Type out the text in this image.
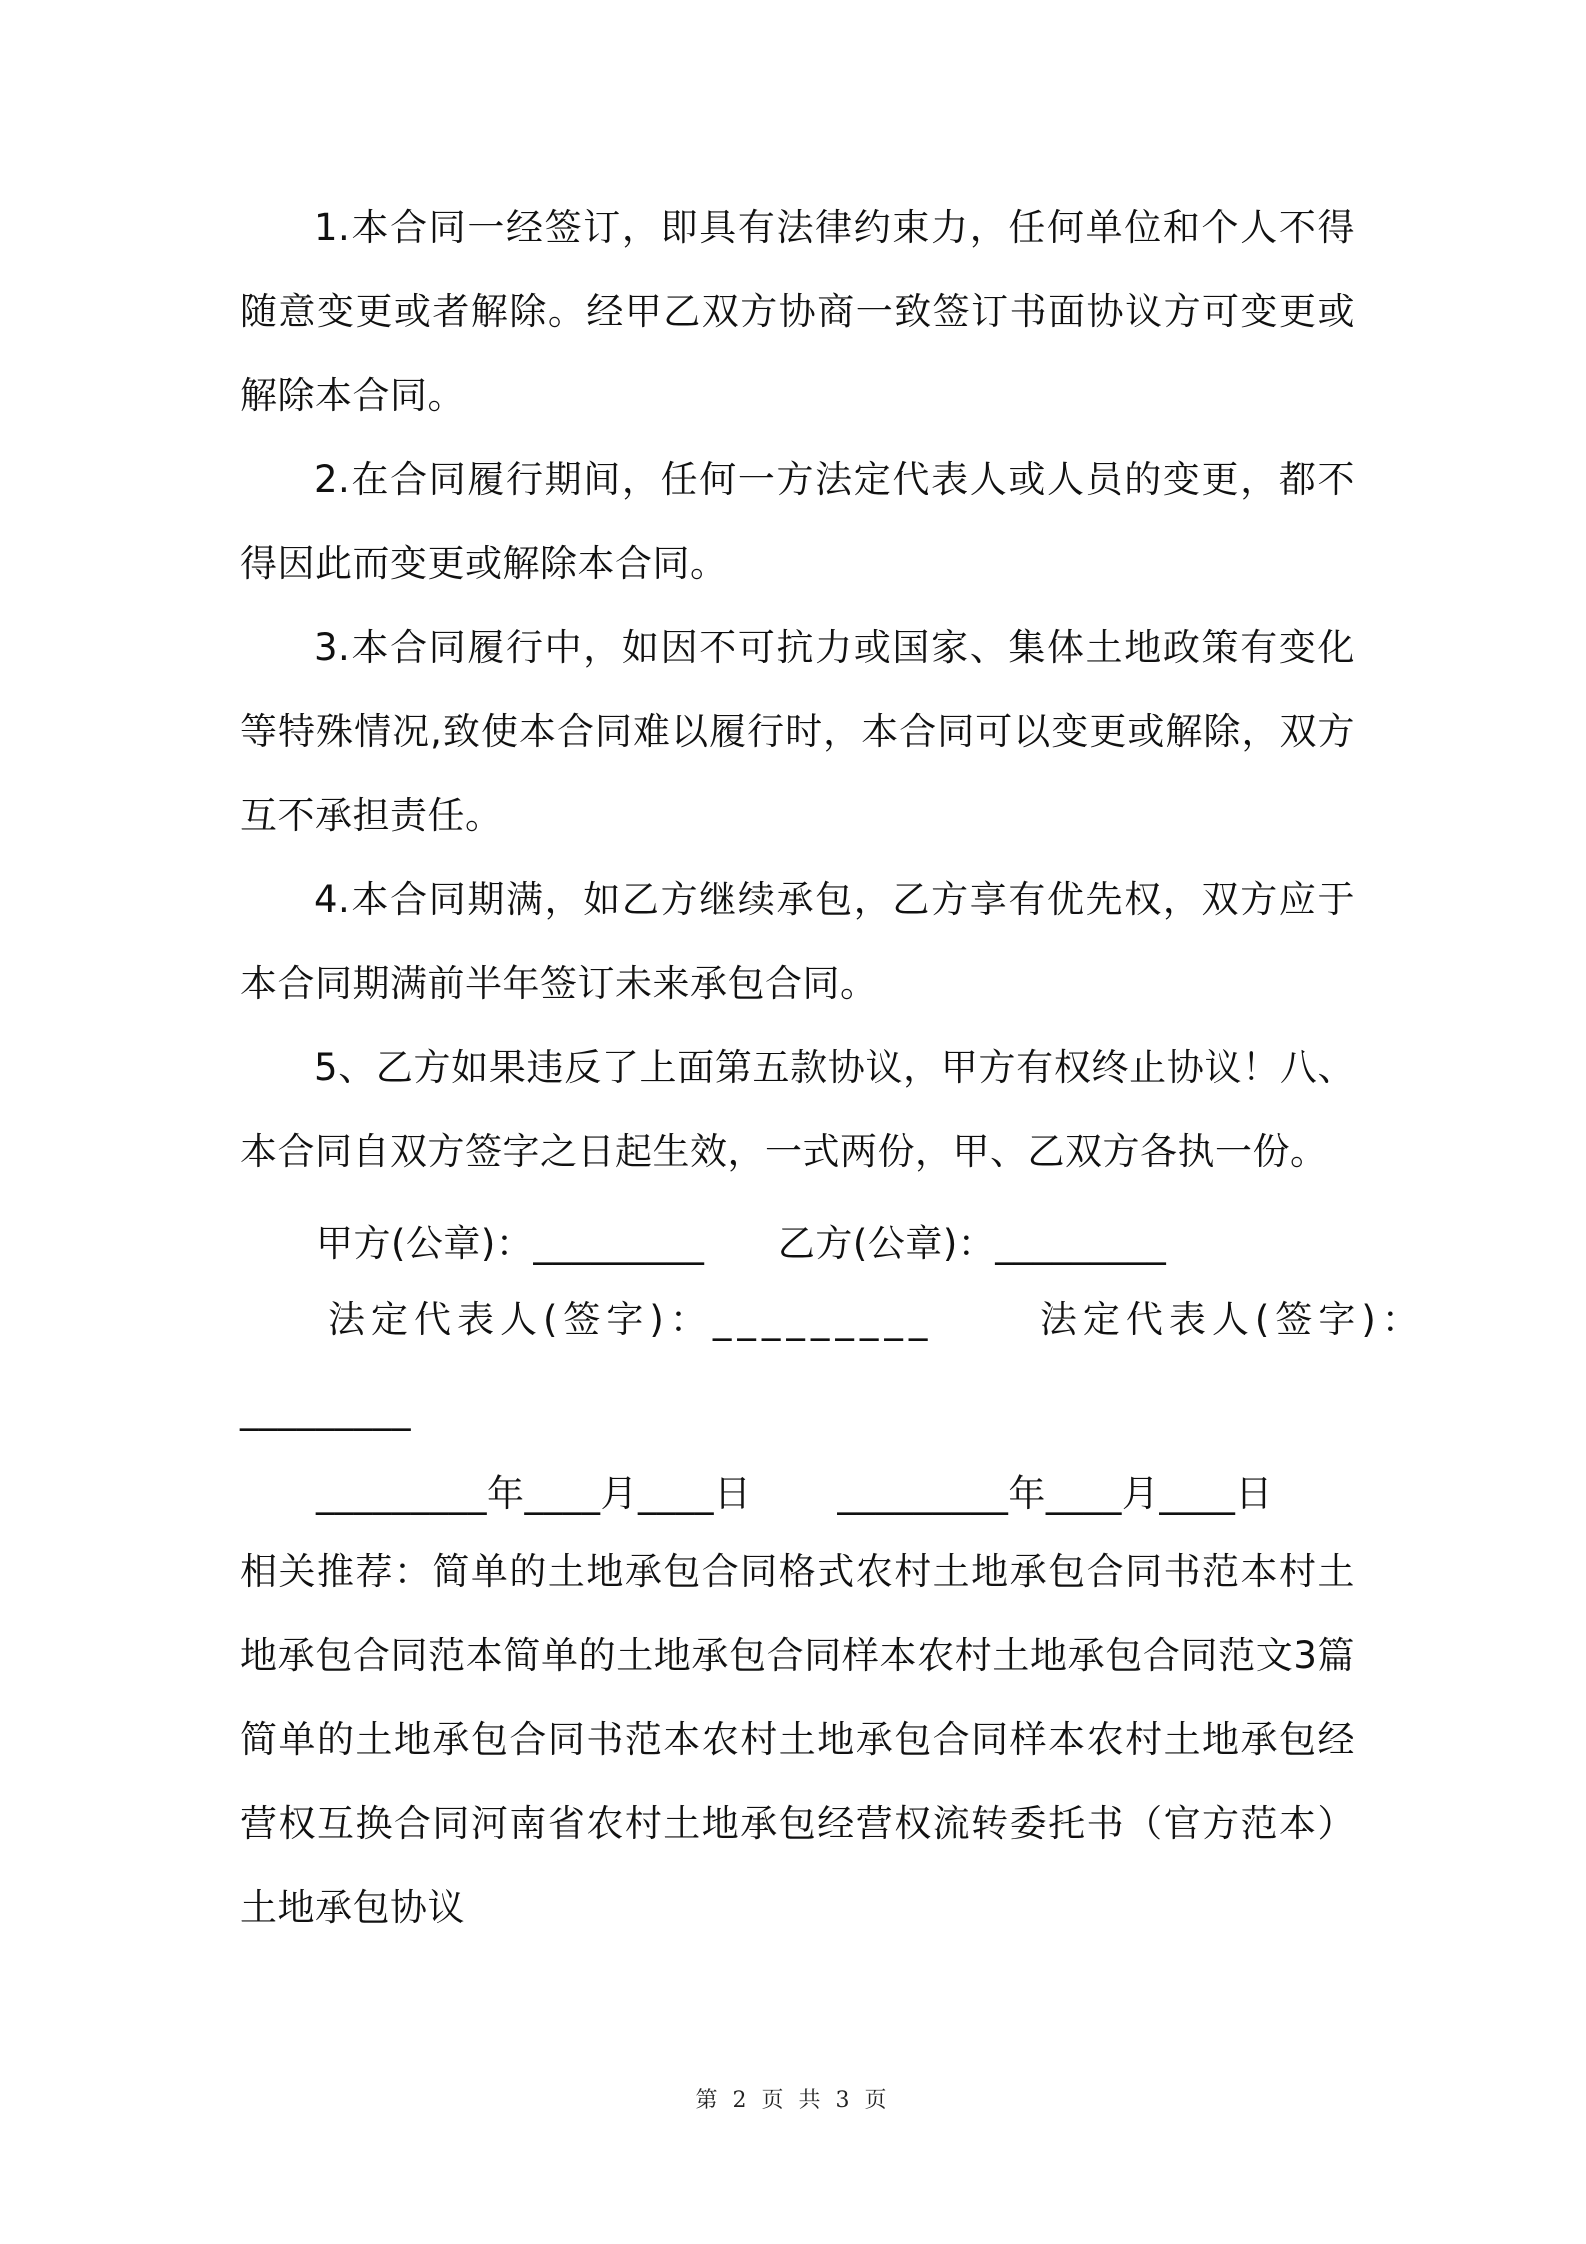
1.本合同一经签订，即具有法律约束力，任何单位和个人不得随意变更或者解除。经甲乙双方协商一致签订书面协议方可变更或解除本合同。

2.在合同履行期间，任何一方法定代表人或人员的变更，都不得因此而变更或解除本合同。

3.本合同履行中，如因不可抗力或国家、集体土地政策有变化等特殊情况,致使本合同难以履行时，本合同可以变更或解除，双方互不承担责任。

4.本合同期满，如乙方继续承包，乙方享有优先权，双方应于本合同期满前半年签订未来承包合同。

5、乙方如果违反了上面第五款协议，甲方有权终止协议！八、本合同自双方签字之日起生效，一式两份，甲、乙双方各执一份。

甲方(公章)：_________      乙方(公章)：_________
法定代表人(签字)：_________      法定代表人(签字)：
_________
_________年____月____日       _________年____月____日

相关推荐：简单的土地承包合同格式农村土地承包合同书范本村土地承包合同范本简单的土地承包合同样本农村土地承包合同范文3篇简单的土地承包合同书范本农村土地承包合同样本农村土地承包经营权互换合同河南省农村土地承包经营权流转委托书（官方范本）土地承包协议

第 2 页 共 3 页
